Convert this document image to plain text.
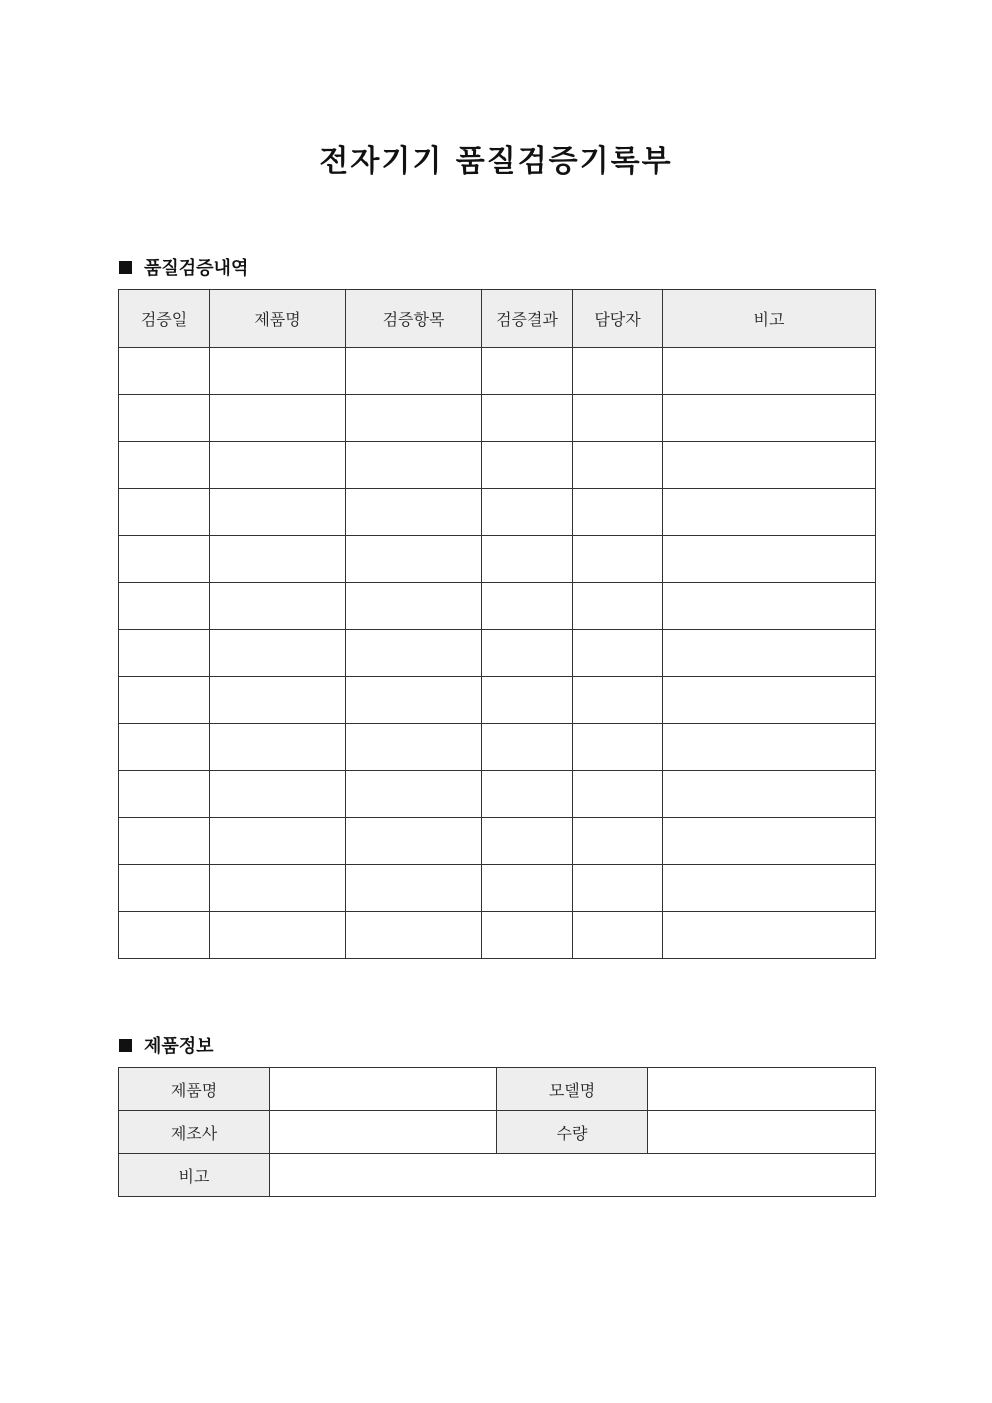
전자기기 품질검증기록부
품질검증내역
검증일	제품명	검증항목	검증결과	담당자	비고

제품정보
제품명		모델명	
제조사		수량	
비고			
